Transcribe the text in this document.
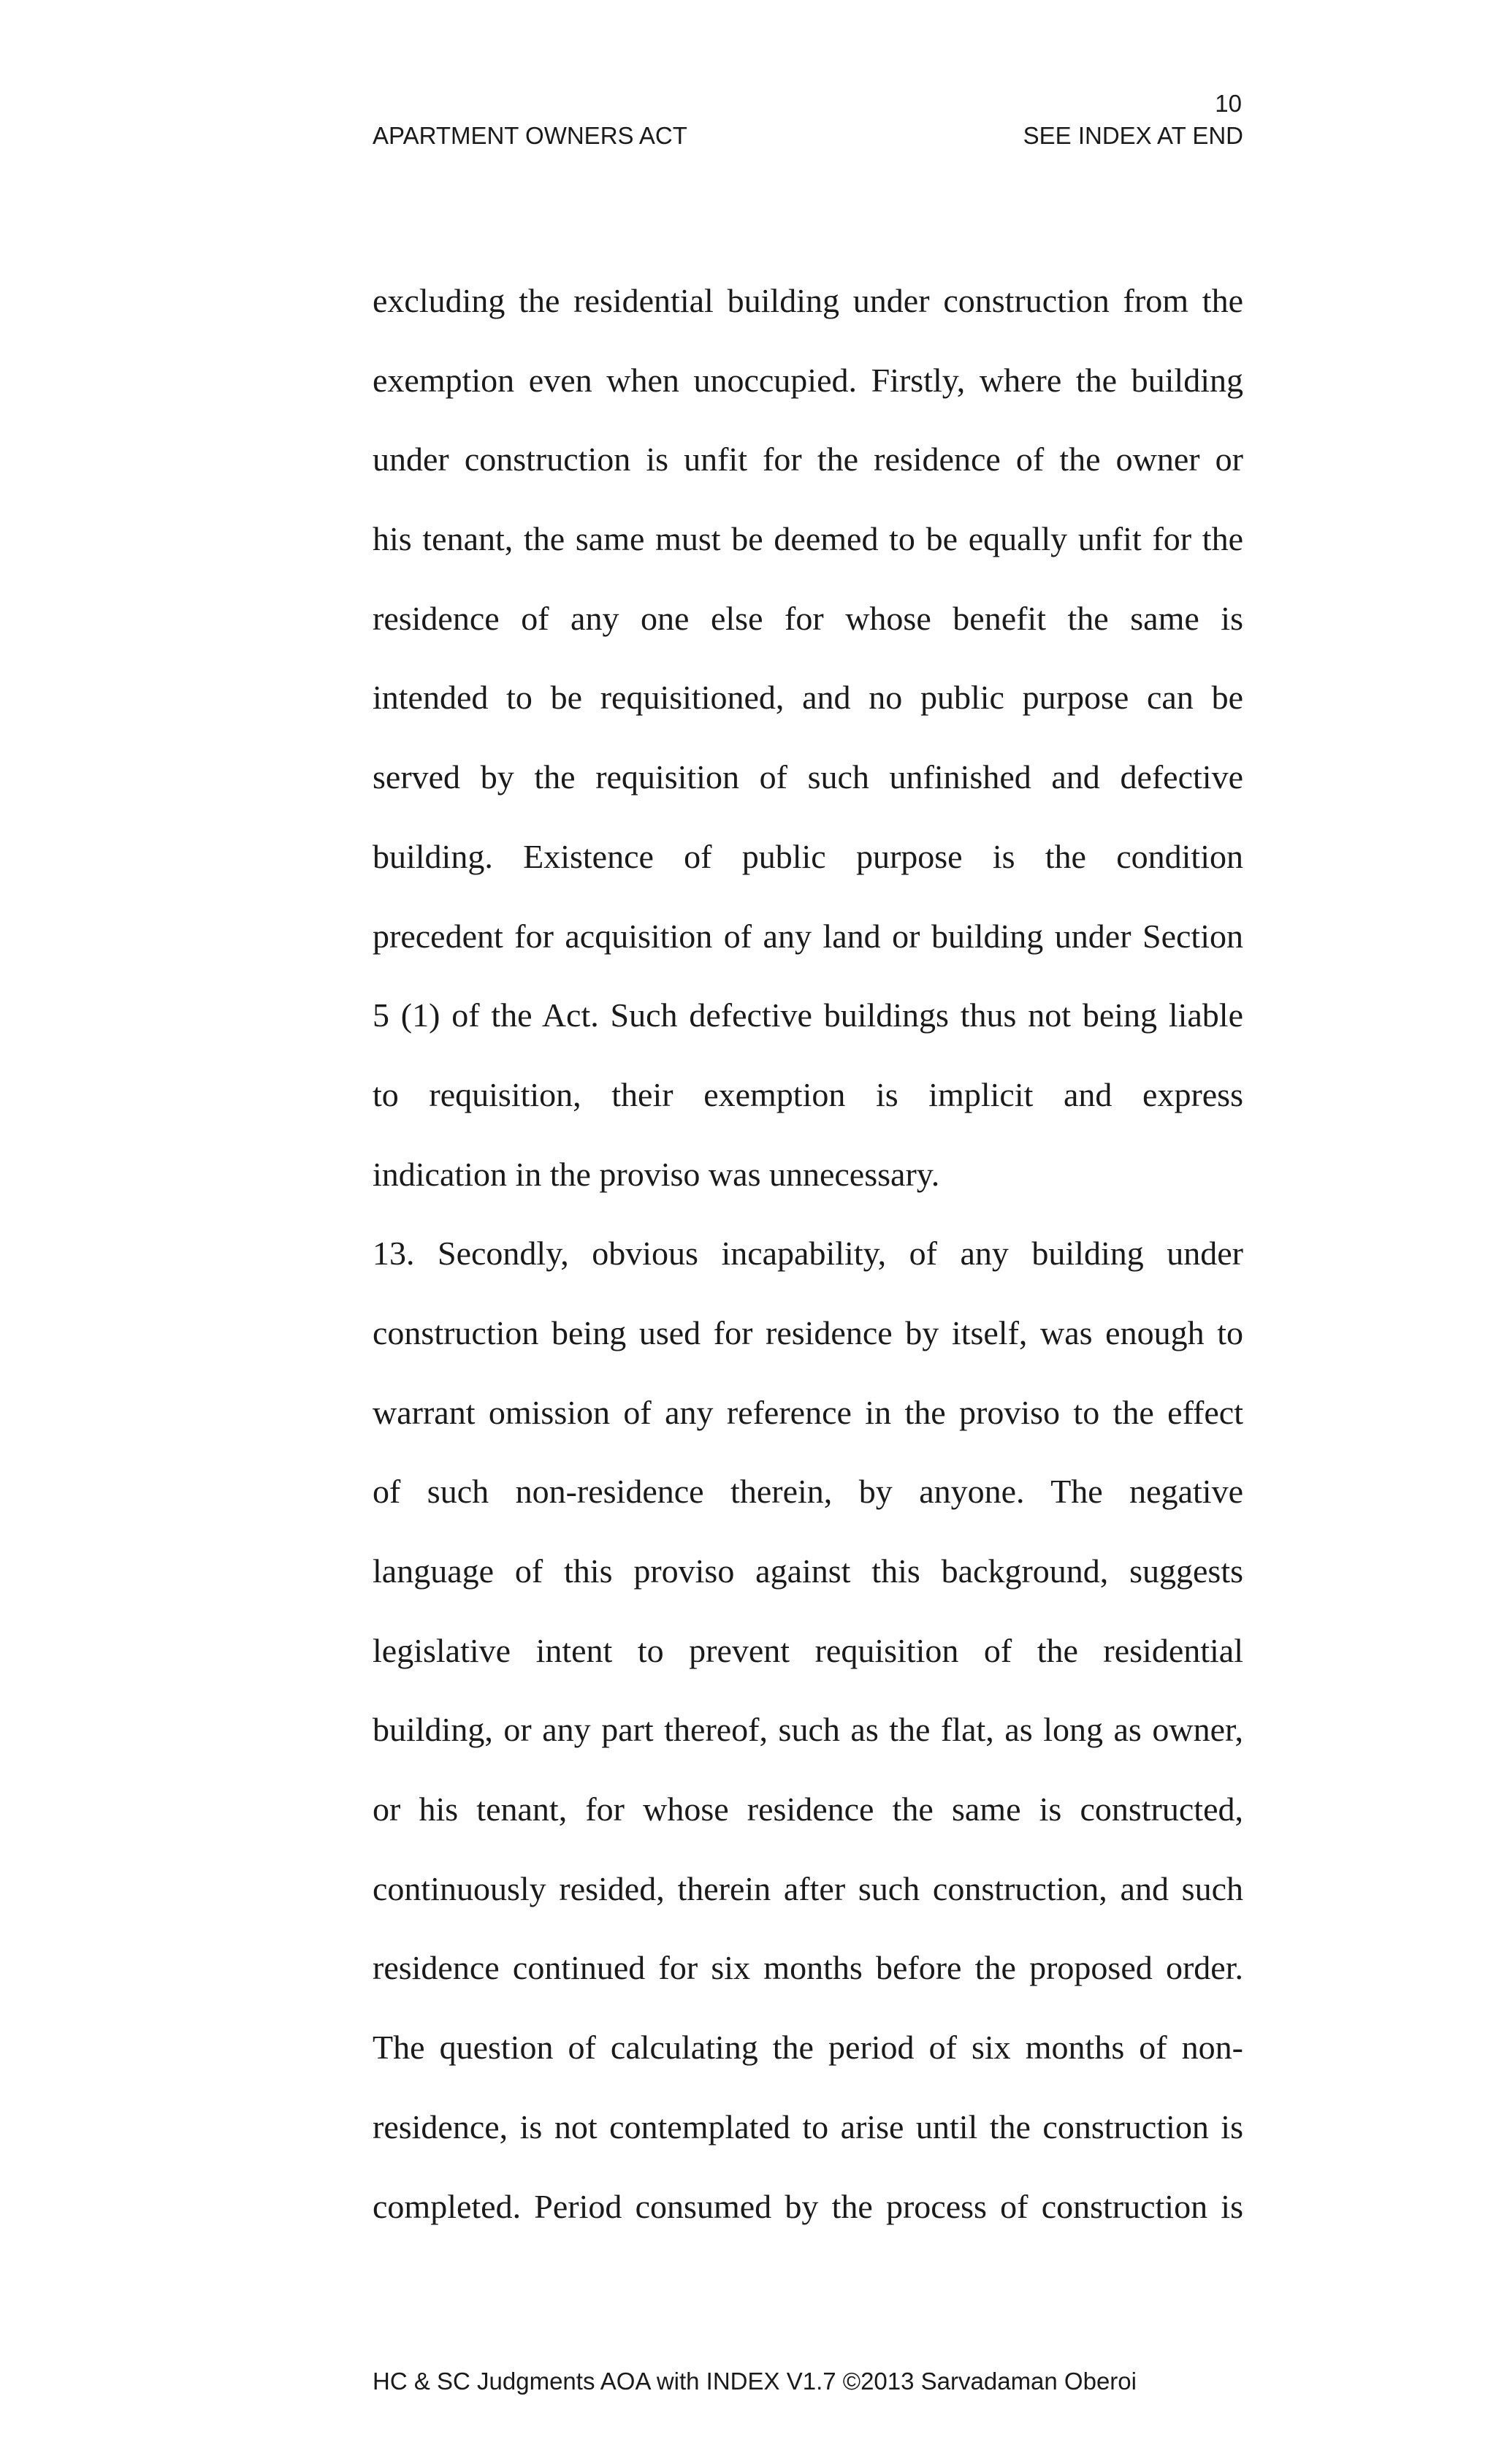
10
APARTMENT OWNERS ACT	SEE INDEX AT END
excluding the residential building under construction from the
exemption even when unoccupied. Firstly, where the building
under construction is unfit for the residence of the owner or
his tenant, the same must be deemed to be equally unfit for the
residence of any one else for whose benefit the same is
intended to be requisitioned, and no public purpose can be
served by the requisition of such unfinished and defective
building. Existence of public purpose is the condition
precedent for acquisition of any land or building under Section
5 (1) of the Act. Such defective buildings thus not being liable
to requisition, their exemption is implicit and express
indication in the proviso was unnecessary.
13. Secondly, obvious incapability, of any building under
construction being used for residence by itself, was enough to
warrant omission of any reference in the proviso to the effect
of such non-residence therein, by anyone. The negative
language of this proviso against this background, suggests
legislative intent to prevent requisition of the residential
building, or any part thereof, such as the flat, as long as owner,
or his tenant, for whose residence the same is constructed,
continuously resided, therein after such construction, and such
residence continued for six months before the proposed order.
The question of calculating the period of six months of non-
residence, is not contemplated to arise until the construction is
completed. Period consumed by the process of construction is
HC & SC Judgments AOA with INDEX V1.7 ©2013 Sarvadaman Oberoi
